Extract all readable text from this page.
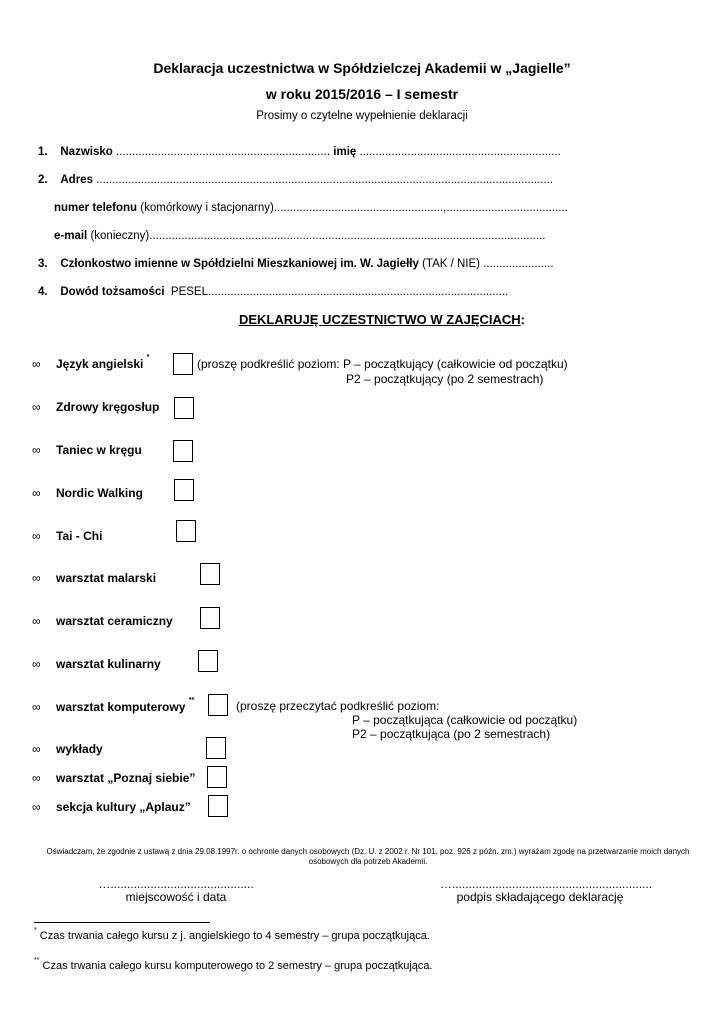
Deklaracja uczestnictwa w Spółdzielczej Akademii w „Jagielle”
w roku 2015/2016 – I semestr
Prosimy o czytelne wypełnienie deklaracji
1. Nazwisko ................................................................... imię ...............................................................
2. Adres ...............................................................................................................................................
numer telefonu (komórkowy i stacjonarny).....................................................,......................................
e-mail (konieczny)............................................................................................................................
3. Członkostwo imienne w Spółdzielni Mieszkaniowej im. W. Jagiełły (TAK / NIE) ......................
4. Dowód tożsamości PESEL..............................................................................................
DEKLARUJĘ UCZESTNICTWO W ZAJĘCIACH:
∞ Język angielski *	(proszę podkreślić poziom: P – początkujący (całkowicie od początku)
P2 – początkujący (po 2 semestrach)
∞ Zdrowy kręgosłup
∞ Taniec w kręgu
∞ Nordic Walking
∞ Tai - Chi
∞ warsztat malarski
∞ warsztat ceramiczny
∞ warsztat kulinarny
∞ warsztat komputerowy **	(proszę przeczytać podkreślić poziom:
P – początkująca (całkowicie od początku)
P2 – początkująca (po 2 semestrach)
∞ wykłady
∞ warsztat „Poznaj siebie”
∞ sekcja kultury „Aplauz”
Oświadczam, że zgodnie z ustawą z dnia 29.08.1997r. o ochronie danych osobowych (Dz. U. z 2002 r. Nr 101, poz. 926 z późn. zm.) wyrażam zgodę na przetwarzanie moich danych osobowych dla potrzeb Akademii.
…...........................................
miejscowość i data
…............................................................
podpis składającego deklarację
* Czas trwania całego kursu z j. angielskiego to 4 semestry – grupa początkująca.
** Czas trwania całego kursu komputerowego to 2 semestry – grupa początkująca.
